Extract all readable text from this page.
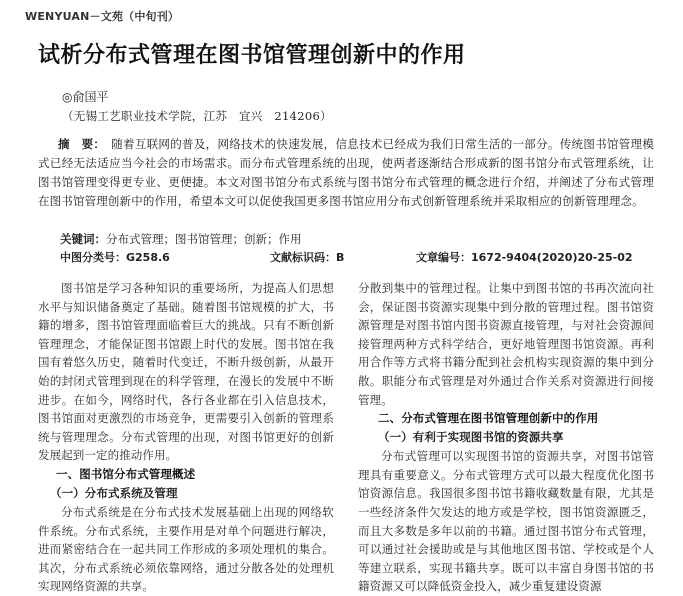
WENYUAN－文苑（中旬刊）
试析分布式管理在图书馆管理创新中的作用
◎俞国平
（无锡工艺职业技术学院，江苏　宜兴　214206）
摘　要： 随着互联网的普及，网络技术的快速发展，信息技术已经成为我们日常生活的一部分。传统图书馆管理模式已经无法适应当今社会的市场需求。而分布式管理系统的出现，使两者逐渐结合形成新的图书馆分布式管理系统，让图书馆管理变得更专业、更便捷。本文对图书馆分布式系统与图书馆分布式管理的概念进行介绍，并阐述了分布式管理在图书馆管理创新中的作用，希望本文可以促使我国更多图书馆应用分布式创新管理系统并采取相应的创新管理理念。
关键词：分布式管理；图书馆管理；创新；作用
中图分类号：G258.6	文献标识码：B	文章编号：1672-9404(2020)20-25-02

图书馆是学习各种知识的重要场所，为提高人们思想水平与知识储备奠定了基础。随着图书馆规模的扩大，书籍的增多，图书馆管理面临着巨大的挑战。只有不断创新管理理念，才能保证图书馆跟上时代的发展。图书馆在我国有着悠久历史，随着时代变迁，不断升级创新，从最开始的封闭式管理到现在的科学管理，在漫长的发展中不断进步。在如今，网络时代，各行各业都在引入信息技术，图书馆面对更激烈的市场竞争，更需要引入创新的管理系统与管理理念。分布式管理的出现，对图书馆更好的创新发展起到一定的推动作用。

一、图书馆分布式管理概述
（一）分布式系统及管理

分布式系统是在分布式技术发展基础上出现的网络软件系统。分布式系统，主要作用是对单个问题进行解决，进而紧密结合在一起共同工作形成的多项处理机的集合。其次，分布式系统必须依靠网络，通过分散各处的处理机实现网络资源的共享。

分散到集中的管理过程。让集中到图书馆的书再次流向社会，保证图书资源实现集中到分散的管理过程。图书馆资源管理是对图书馆内图书资源直接管理，与对社会资源间接管理两种方式科学结合，更好地管理图书馆资源。再利用合作等方式将书籍分配到社会机构实现资源的集中到分散。职能分布式管理是对外通过合作关系对资源进行间接管理。

二、分布式管理在图书馆管理创新中的作用
（一）有利于实现图书馆的资源共享

分布式管理可以实现图书馆的资源共享，对图书馆管理具有重要意义。分布式管理方式可以最大程度优化图书馆资源信息。我国很多图书馆书籍收藏数量有限，尤其是一些经济条件欠发达的地方或是学校，图书馆资源匮乏，而且大多数是多年以前的书籍。通过图书馆分布式管理，可以通过社会援助或是与其他地区图书馆、学校或是个人等建立联系，实现书籍共享。既可以丰富自身图书馆的书籍资源又可以降低资金投入，减少重复建设资源
